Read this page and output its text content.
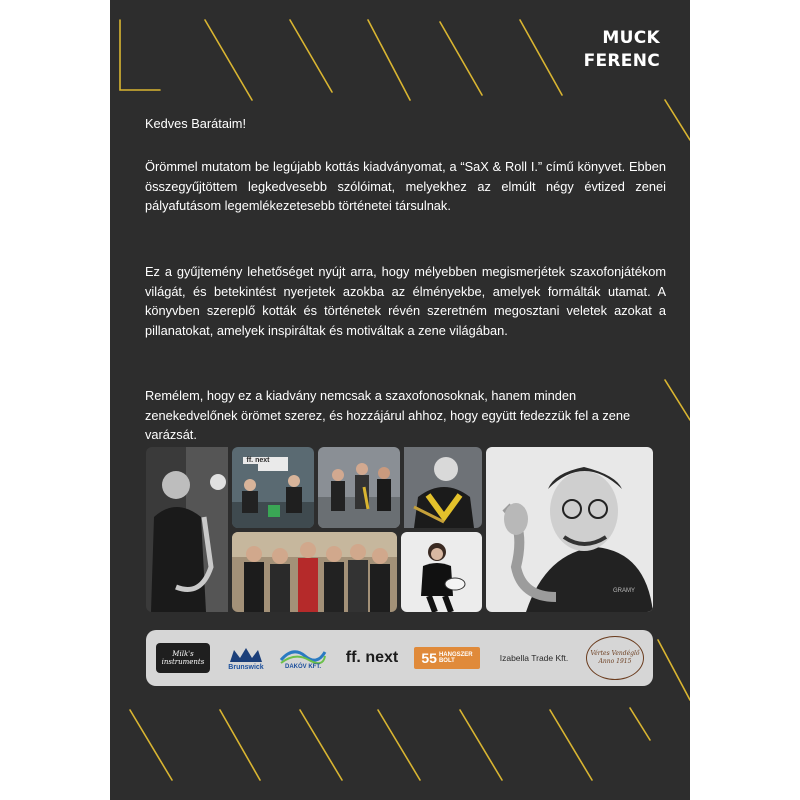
MUCK
FERENC

Kedves Barátaim!

Örömmel mutatom be legújabb kottás kiadványomat, a “SaX & Roll I.” című könyvet. Ebben összegyűjtöttem legkedvesebb szólóimat, melyekhez az elmúlt négy évtized zenei pályafutásom legemlékezetesebb történetei társulnak.

Ez a gyűjtemény lehetőséget nyújt arra, hogy mélyebben megismerjétek szaxofonjátékom világát, és betekintést nyerjetek azokba az élményekbe, amelyek formálták utamat. A könyvben szereplő kották és történetek révén szeretném megosztani veletek azokat a pillanatokat, amelyek inspiráltak és motiváltak a zene világában.

Remélem, hogy ez a kiadvány nemcsak a szaxofonosoknak, hanem minden zenekedvelőnek örömet szerez, és hozzájárul ahhoz, hogy együtt fedezzük fel a zene varázsát.

ff. next
GRAMY
Milk's instruments
Brunswick	DAKÓV KFT.
ff. next 55 HANGSZER
BOLT	Izabella Trade Kft.	Vértes Vendéglő
Anno 1915
